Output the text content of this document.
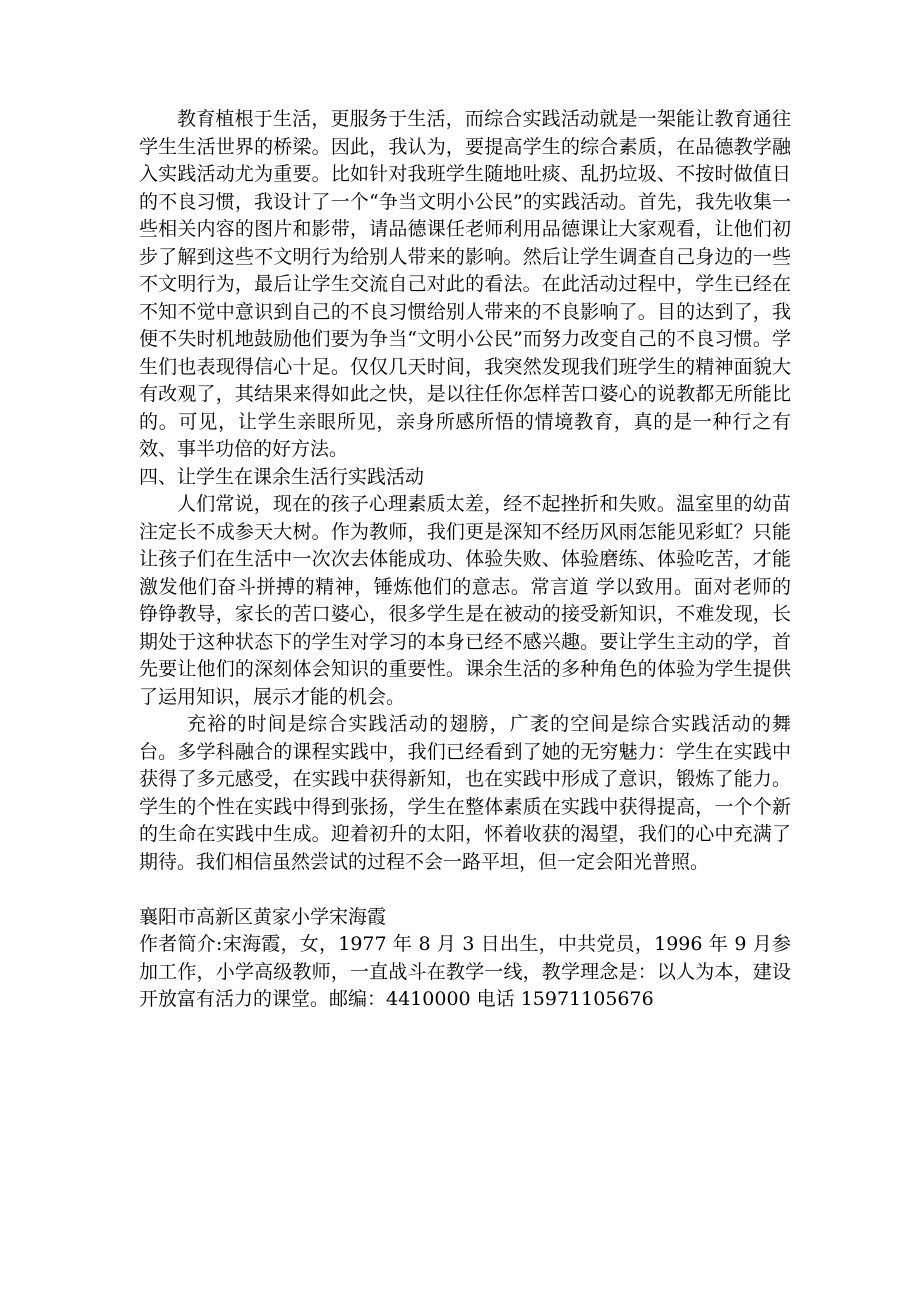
教育植根于生活，更服务于生活，而综合实践活动就是一架能让教育通往学生生活世界的桥梁。因此，我认为，要提高学生的综合素质，在品德教学融入实践活动尤为重要。比如针对我班学生随地吐痰、乱扔垃圾、不按时做值日的不良习惯，我设计了一个“争当文明小公民”的实践活动。首先，我先收集一些相关内容的图片和影带，请品德课任老师利用品德课让大家观看，让他们初步了解到这些不文明行为给别人带来的影响。然后让学生调查自己身边的一些不文明行为，最后让学生交流自己对此的看法。在此活动过程中，学生已经在不知不觉中意识到自己的不良习惯给别人带来的不良影响了。目的达到了，我便不失时机地鼓励他们要为争当“文明小公民”而努力改变自己的不良习惯。学生们也表现得信心十足。仅仅几天时间，我突然发现我们班学生的精神面貌大有改观了，其结果来得如此之快，是以往任你怎样苦口婆心的说教都无所能比的。可见，让学生亲眼所见，亲身所感所悟的情境教育，真的是一种行之有效、事半功倍的好方法。

四、让学生在课余生活行实践活动

人们常说，现在的孩子心理素质太差，经不起挫折和失败。温室里的幼苗注定长不成参天大树。作为教师，我们更是深知不经历风雨怎能见彩虹？只能让孩子们在生活中一次次去体能成功、体验失败、体验磨练、体验吃苦，才能激发他们奋斗拼搏的精神，锤炼他们的意志。常言道 学以致用。面对老师的铮铮教导，家长的苦口婆心，很多学生是在被动的接受新知识，不难发现，长期处于这种状态下的学生对学习的本身已经不感兴趣。要让学生主动的学，首先要让他们的深刻体会知识的重要性。课余生活的多种角色的体验为学生提供了运用知识，展示才能的机会。

充裕的时间是综合实践活动的翅膀，广袤的空间是综合实践活动的舞台。多学科融合的课程实践中，我们已经看到了她的无穷魅力：学生在实践中获得了多元感受，在实践中获得新知，也在实践中形成了意识，锻炼了能力。学生的个性在实践中得到张扬，学生在整体素质在实践中获得提高，一个个新的生命在实践中生成。迎着初升的太阳，怀着收获的渴望，我们的心中充满了期待。我们相信虽然尝试的过程不会一路平坦，但一定会阳光普照。

襄阳市高新区黄家小学宋海霞

作者简介:宋海霞，女，1977 年 8 月 3 日出生，中共党员，1996 年 9 月参加工作，小学高级教师，一直战斗在教学一线，教学理念是：以人为本，建设开放富有活力的课堂。邮编：4410000 电话 15971105676
